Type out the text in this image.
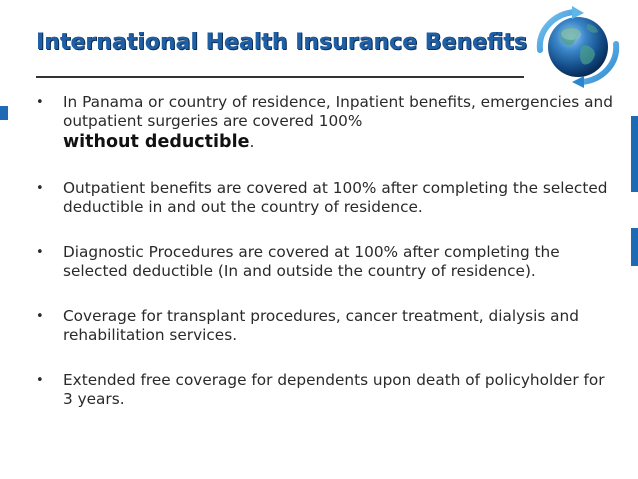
International Health Insurance Benefits
• In Panama or country of residence, Inpatient benefits, emergencies and outpatient surgeries are covered 100%
without deductible.
• Outpatient benefits are covered at 100% after completing the selected deductible in and out the country of residence.
• Diagnostic Procedures are covered at 100% after completing the selected deductible (In and outside the country of residence).
• Coverage for transplant procedures, cancer treatment, dialysis and rehabilitation services.
• Extended free coverage for dependents upon death of policyholder for 3 years.
